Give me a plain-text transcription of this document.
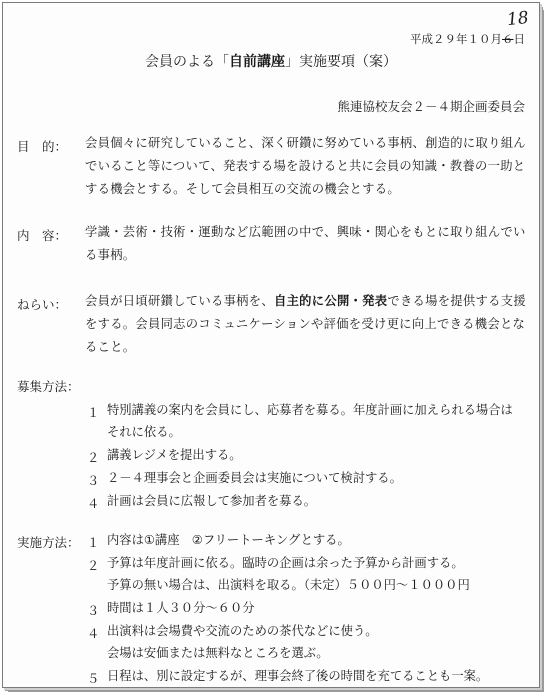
18
平成２９年１０月６日
会員のよる「自前講座」実施要項（案）
熊連協校友会２－４期企画委員会
目　的： 会員個々に研究していること、深く研鑽に努めている事柄、創造的に取り組んでいること等について、発表する場を設けると共に会員の知識・教養の一助とする機会とする。そして会員相互の交流の機会とする。
内　容： 学識・芸術・技術・運動など広範囲の中で、興味・関心をもとに取り組んでいる事柄。
ねらい： 会員が日頃研鑽している事柄を、自主的に公開・発表できる場を提供する支援をする。会員同志のコミュニケーションや評価を受け更に向上できる機会となること。
募集方法：
１ 特別講義の案内を会員にし、応募者を募る。年度計画に加えられる場合は
それに依る。
２ 講義レジメを提出する。
３ ２－４理事会と企画委員会は実施について検討する。
４ 計画は会員に広報して参加者を募る。
実施方法： １ 内容は①講座　②フリートーキングとする。
２ 予算は年度計画に依る。臨時の企画は余った予算から計画する。
予算の無い場合は、出演料を取る。（未定）５００円～１０００円
３ 時間は１人３０分～６０分
４ 出演料は会場費や交流のための茶代などに使う。
会場は安価または無料なところを選ぶ。
５ 日程は、別に設定するが、理事会終了後の時間を充てることも一案。
